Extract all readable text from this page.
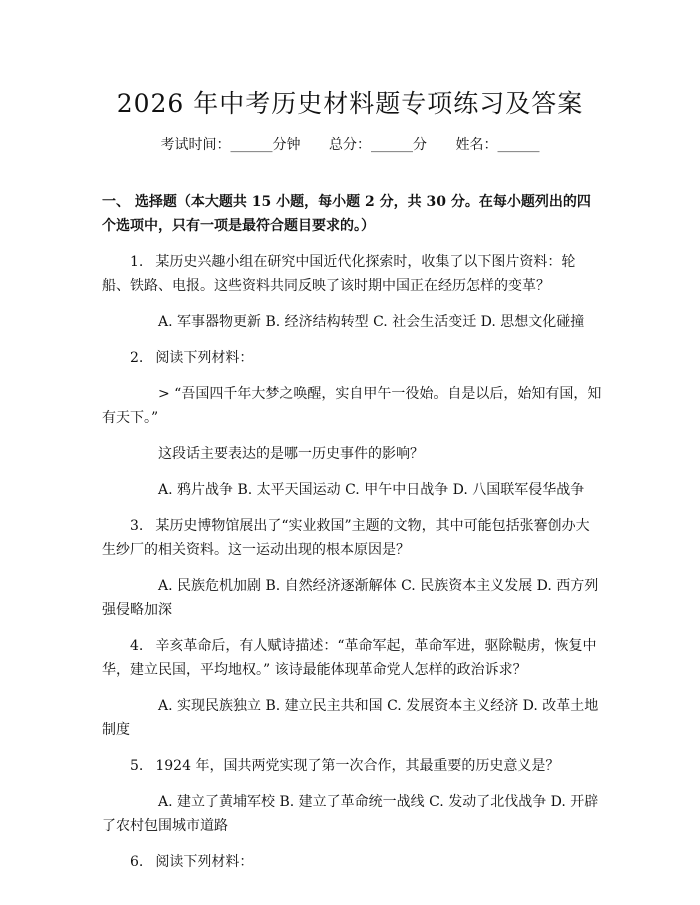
2026 年中考历史材料题专项练习及答案
考试时间：______分钟 总分：______分 姓名：______
一、 选择题（本大题共 15 小题，每小题 2 分，共 30 分。在每小题列出的四个选项中，只有一项是最符合题目要求的。）
1. 某历史兴趣小组在研究中国近代化探索时，收集了以下图片资料：轮船、铁路、电报。这些资料共同反映了该时期中国正在经历怎样的变革？
A. 军事器物更新 B. 经济结构转型 C. 社会生活变迁 D. 思想文化碰撞
2. 阅读下列材料：
> “吾国四千年大梦之唤醒，实自甲午一役始。自是以后，始知有国，知有天下。”
这段话主要表达的是哪一历史事件的影响？
A. 鸦片战争 B. 太平天国运动 C. 甲午中日战争 D. 八国联军侵华战争
3. 某历史博物馆展出了“实业救国”主题的文物，其中可能包括张謇创办大生纱厂的相关资料。这一运动出现的根本原因是？
A. 民族危机加剧 B. 自然经济逐渐解体 C. 民族资本主义发展 D. 西方列强侵略加深
4. 辛亥革命后，有人赋诗描述：“革命军起，革命军进，驱除鞑虏，恢复中华，建立民国，平均地权。” 该诗最能体现革命党人怎样的政治诉求？
A. 实现民族独立 B. 建立民主共和国 C. 发展资本主义经济 D. 改革土地制度
5. 1924 年，国共两党实现了第一次合作，其最重要的历史意义是？
A. 建立了黄埔军校 B. 建立了革命统一战线 C. 发动了北伐战争 D. 开辟了农村包围城市道路
6. 阅读下列材料：
